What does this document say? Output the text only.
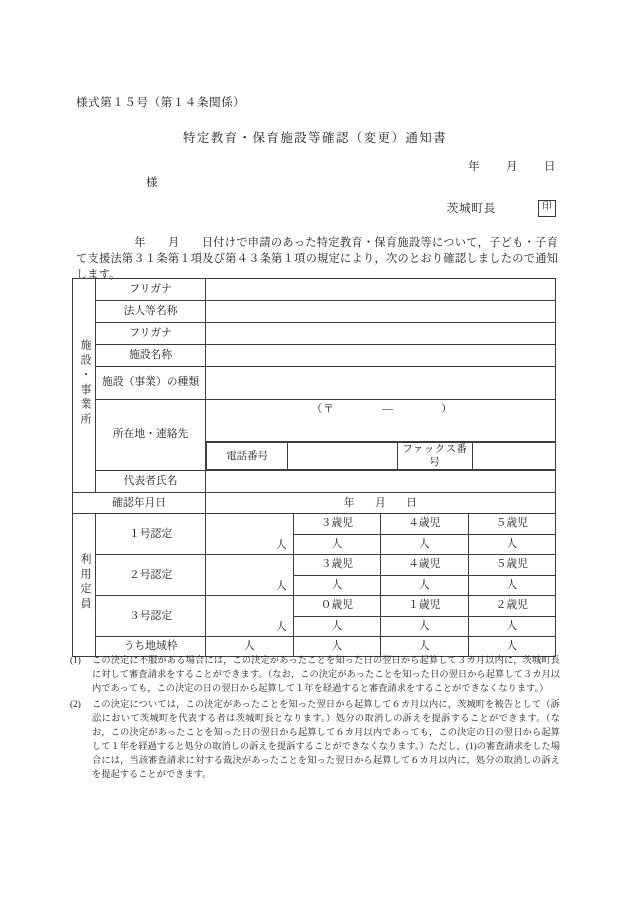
様式第１５号（第１４条関係）
特定教育・保育施設等確認（変更）通知書
年 月 日
様
茨城町長	印
年 月 日付けで申請のあった特定教育・保育施設等について，子ども・子育て支援法第３１条第１項及び第４３条第１項の規定により，次のとおり確認しましたので通知します。
施設・事業所	フリガナ	
法人等名称	
フリガナ	
施設名称	
施設（事業）の種類	
所在地・連絡先	（〒　　　　―　　　　）

電話番号		ファックス番号	

代表者氏名	
確認年月日	年 月 日
利用定員	１号認定	人	３歳児	４歳児	５歳児
人	人	人
２号認定	人	３歳児	４歳児	５歳児
人	人	人
３号認定	人	０歳児	１歳児	２歳児
人	人	人
うち地域枠	人	人	人	人
(1)	この決定に不服がある場合には，この決定があったことを知った日の翌日から起算して３カ月以内に，茨城町長に対して審査請求をすることができます。（なお，この決定があったことを知った日の翌日から起算して３カ月以内であっても，この決定の日の翌日から起算して１年を経過すると審査請求をすることができなくなります。）
(2)	この決定については，この決定があったことを知った翌日から起算して６カ月以内に，茨城町を被告として（訴訟において茨城町を代表する者は茨城町長となります。）処分の取消しの訴えを提訴することができます。（なお，この決定があったことを知った日の翌日から起算して６カ月以内であっても，この決定の日の翌日から起算して１年を経過すると処分の取消しの訴えを提訴することができなくなります。）ただし，(1)の審査請求をした場合には，当該審査請求に対する裁決があったことを知った翌日から起算して６カ月以内に，処分の取消しの訴えを提起することができます。
